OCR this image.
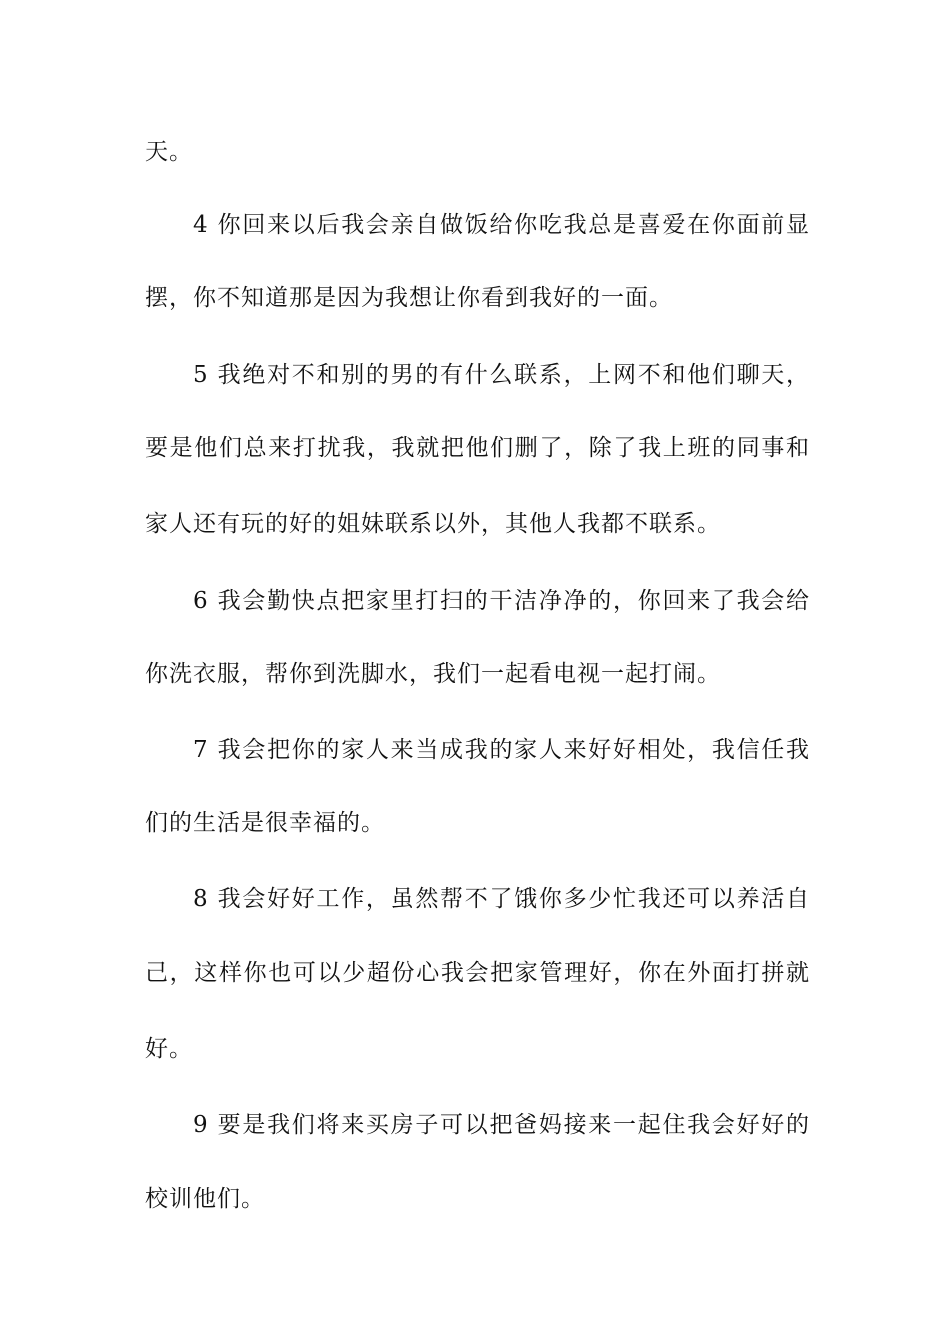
天。
4 你回来以后我会亲自做饭给你吃我总是喜爱在你面前显
摆，你不知道那是因为我想让你看到我好的一面。
5 我绝对不和别的男的有什么联系，上网不和他们聊天，
要是他们总来打扰我，我就把他们删了，除了我上班的同事和
家人还有玩的好的姐妹联系以外，其他人我都不联系。
6 我会勤快点把家里打扫的干洁净净的，你回来了我会给
你洗衣服，帮你到洗脚水，我们一起看电视一起打闹。
7 我会把你的家人来当成我的家人来好好相处，我信任我
们的生活是很幸福的。
8 我会好好工作，虽然帮不了饿你多少忙我还可以养活自
己，这样你也可以少超份心我会把家管理好，你在外面打拼就
好。
9 要是我们将来买房子可以把爸妈接来一起住我会好好的
校训他们。
